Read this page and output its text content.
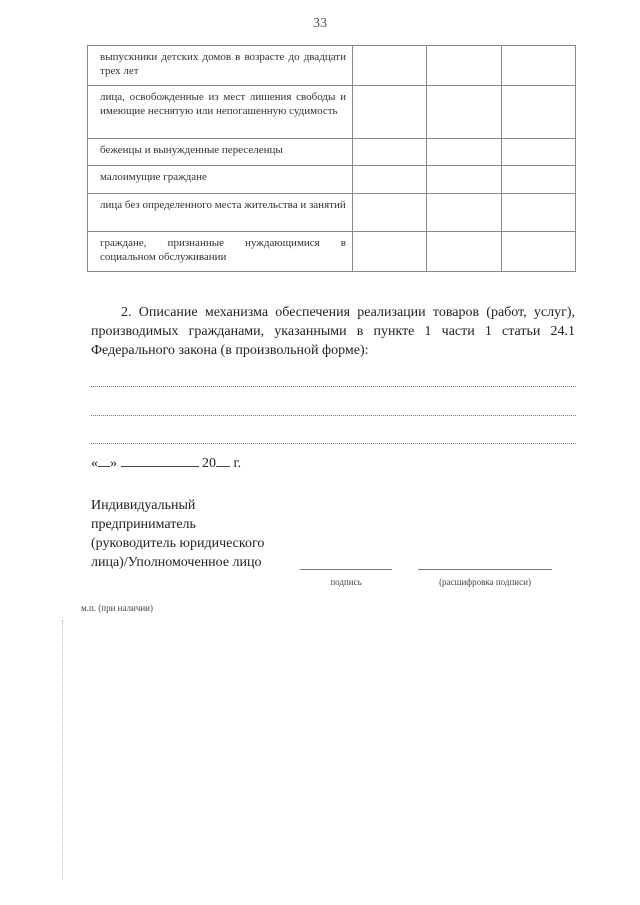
33
выпускники детских домов в возрасте до двадцати трех лет			
лица, освобожденные из мест лишения свободы и имеющие неснятую или непогашенную судимость			
беженцы и вынужденные переселенцы			
малоимущие граждане			
лица без определенного места жительства и занятий			
граждане, признанные нуждающимися в социальном обслуживании			
2. Описание механизма обеспечения реализации товаров (работ, услуг), производимых гражданами, указанными в пункте 1 части 1 статьи 24.1 Федерального закона (в произвольной форме):
« »	20 г.
Индивидуальный
предприниматель
(руководитель юридического
лица)/Уполномоченное лицо
подпись	(расшифровка подписи)
м.п. (при наличии)
